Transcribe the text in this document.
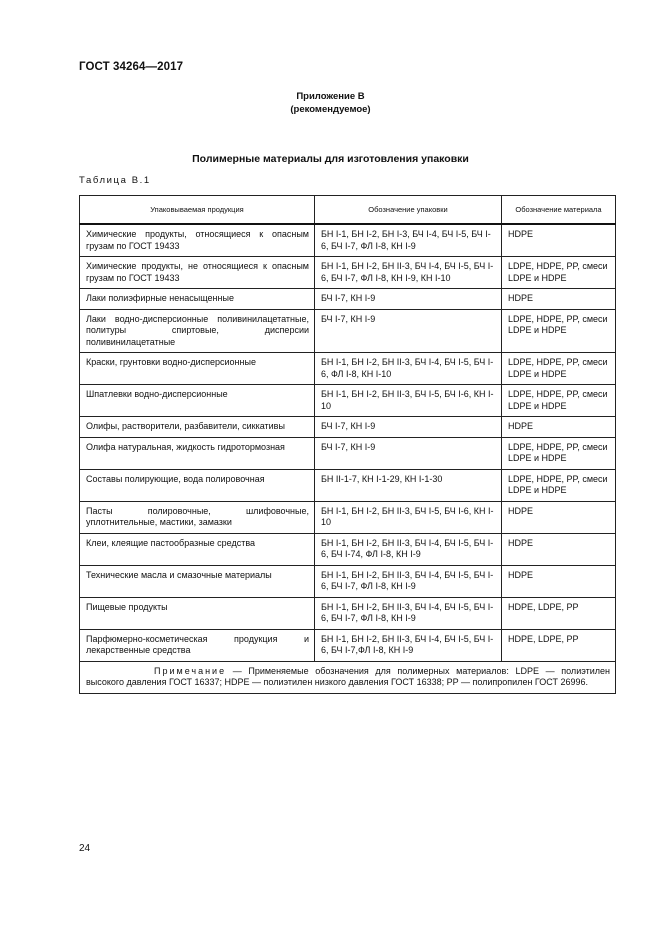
ГОСТ 34264—2017
Приложение В
(рекомендуемое)
Полимерные материалы для изготовления упаковки
Таблица В.1
Упаковываемая продукция	Обозначение упаковки	Обозначение материала
Химические продукты, относящиеся к опасным грузам по ГОСТ 19433	БН I-1, БН I-2, БН I-3, БЧ I-4, БЧ I-5, БЧ I-6, БЧ I-7, ФЛ I-8, КН I-9	HDPE
Химические продукты, не относящиеся к опасным грузам по ГОСТ 19433	БН I-1, БН I-2, БН II-3, БЧ I-4, БЧ I-5, БЧ I-6, БЧ I-7, ФЛ I-8, КН I-9, КН I-10	LDPE, HDPE, PP, смеси LDPE и HDPE
Лаки полиэфирные ненасыщенные	БЧ I-7, КН I-9	HDPE
Лаки водно-дисперсионные поливинилацетатные, политуры спиртовые, дисперсии поливинилацетатные	БЧ I-7, КН I-9	LDPE, HDPE, PP, смеси LDPE и HDPE
Краски, грунтовки водно-дисперсионные	БН I-1, БН I-2, БН II-3, БЧ I-4, БЧ I-5, БЧ I-6, ФЛ I-8, КН I-10	LDPE, HDPE, PP, смеси LDPE и HDPE
Шпатлевки водно-дисперсионные	БН I-1, БН I-2, БН II-3, БЧ I-5, БЧ I-6, КН I-10	LDPE, HDPE, PP, смеси LDPE и HDPE
Олифы, растворители, разбавители, сиккативы	БЧ I-7, КН I-9	HDPE
Олифа натуральная, жидкость гидротормозная	БЧ I-7, КН I-9	LDPE, HDPE, PP, смеси LDPE и HDPE
Составы полирующие, вода полировочная	БН II-1-7, КН I-1-29, КН I-1-30	LDPE, HDPE, PP, смеси LDPE и HDPE
Пасты полировочные, шлифовочные, уплотнительные, мастики, замазки	БН I-1, БН I-2, БН II-3, БЧ I-5, БЧ I-6, КН I-10	HDPE
Клеи, клеящие пастообразные средства	БН I-1, БН I-2, БН II-3, БЧ I-4, БЧ I-5, БЧ I-6, БЧ I-74, ФЛ I-8, КН I-9	HDPE
Технические масла и смазочные материалы	БН I-1, БН I-2, БН II-3, БЧ I-4, БЧ I-5, БЧ I-6, БЧ I-7, ФЛ I-8, КН I-9	HDPE
Пищевые продукты	БН I-1, БН I-2, БН II-3, БЧ I-4, БЧ I-5, БЧ I-6, БЧ I-7, ФЛ I-8, КН I-9	HDPE, LDPE, PP
Парфюмерно-косметическая продукция и лекарственные средства	БН I-1, БН I-2, БН II-3, БЧ I-4, БЧ I-5, БЧ I-6, БЧ I-7,ФЛ I-8, КН I-9	HDPE, LDPE, PP
Примечание — Применяемые обозначения для полимерных материалов: LDPE — полиэтилен высокого давления ГОСТ 16337; HDPE — полиэтилен низкого давления ГОСТ 16338; PP — полипропилен ГОСТ 26996.		
24
